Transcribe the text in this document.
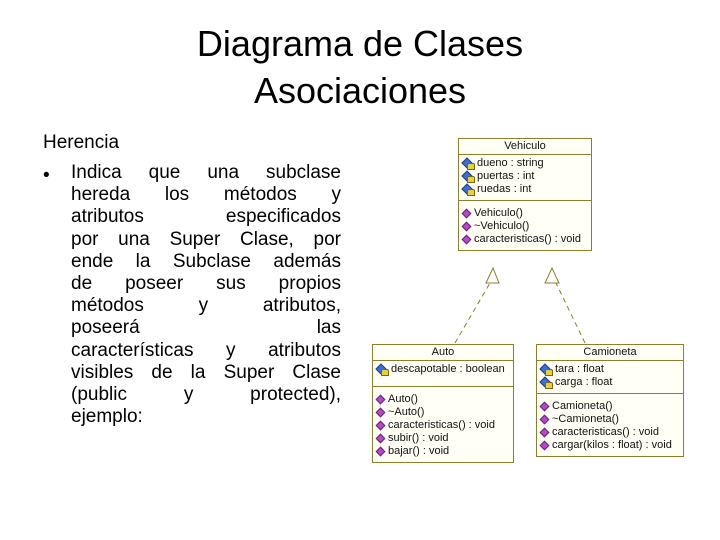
Diagrama de Clases
Asociaciones
Herencia
• Indica que una subclase
hereda los métodos y
atributos especificados
por una Super Clase, por
ende la Subclase además
de poseer sus propios
métodos y atributos,
poseerá las
características y atributos
visibles de la Super Clase
(public y protected),
ejemplo:
Vehiculo
dueno : string
puertas : int
ruedas : int
Vehiculo()
~Vehiculo()
caracteristicas() : void
Auto
descapotable : boolean
Auto()
~Auto()
caracteristicas() : void
subir() : void
bajar() : void
Camioneta
tara : float
carga : float
Camioneta()
~Camioneta()
caracteristicas() : void
cargar(kilos : float) : void
